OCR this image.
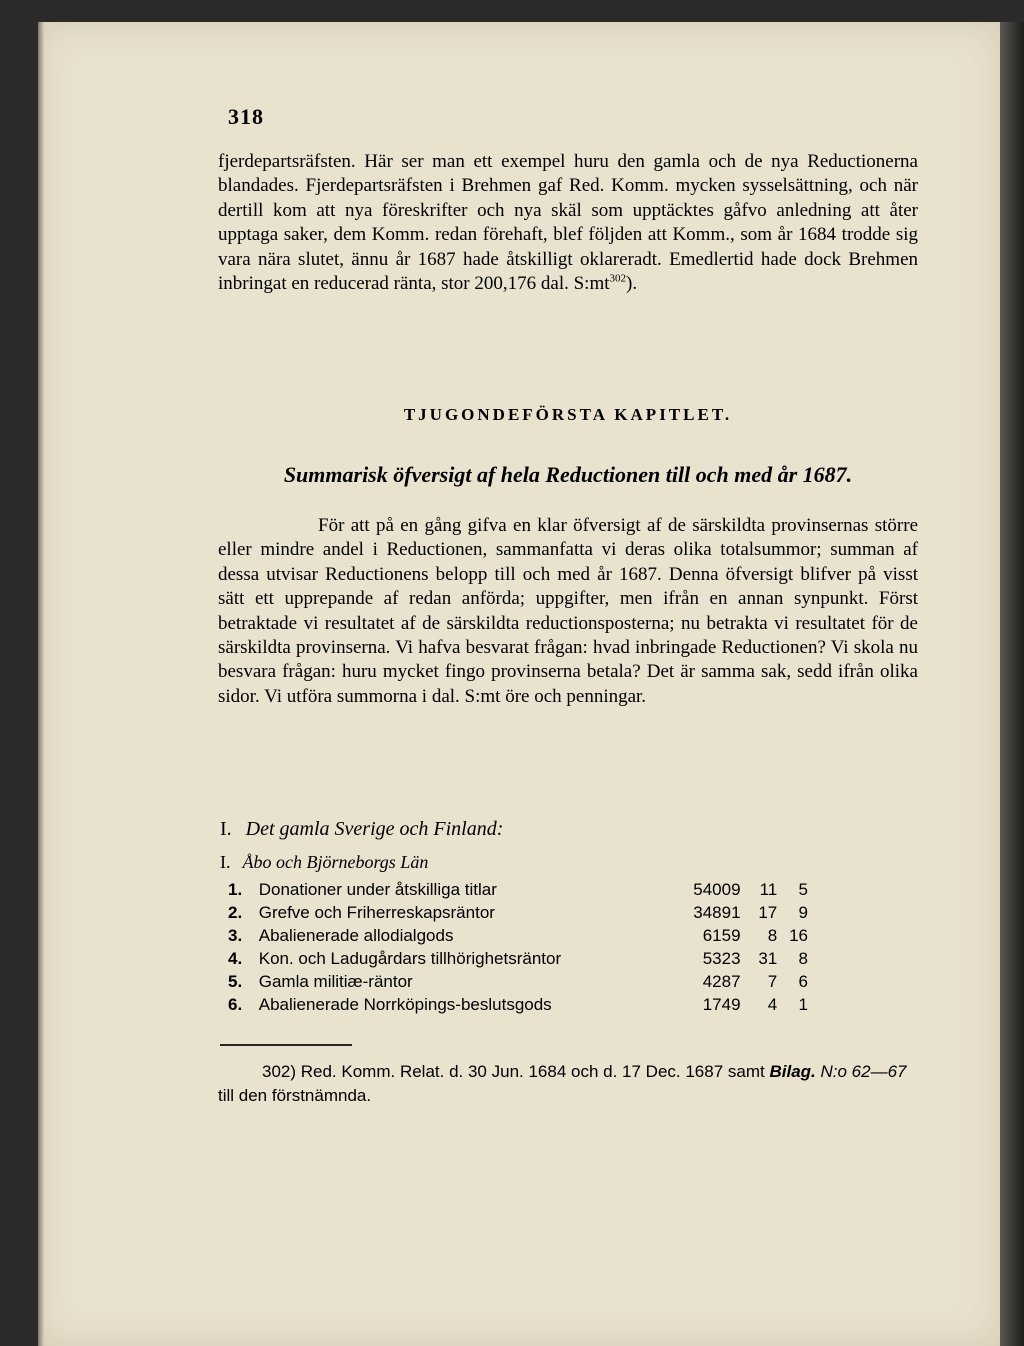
318

fjerdepartsräfsten. Här ser man ett exempel huru den gamla och de nya Reductionerna blandades. Fjerdepartsräfsten i Brehmen gaf Red. Komm. mycken sysselsättning, och när dertill kom att nya föreskrifter och nya skäl som upptäcktes gåfvo anledning att åter upptaga saker, dem Komm. redan förehaft, blef följden att Komm., som år 1684 trodde sig vara nära slutet, ännu år 1687 hade åtskilligt oklareradt. Emedlertid hade dock Brehmen inbringat en reducerad ränta, stor 200,176 dal. $S:mt^{302}$).

TJUGONDEFÖRSTA KAPITLET.
Summarisk öfversigt af hela Reductionen till och med år 1687.

För att på en gång gifva en klar öfversigt af de särskildta provinsernas större eller mindre andel i Reductionen, sammanfatta vi deras olika totalsummor; summan af dessa utvisar Reductionens belopp till och med år 1687. Denna öfversigt blifver på visst sätt ett upprepande af redan anförda; uppgifter, men ifrån en annan synpunkt. Först betraktade vi resultatet af de särskildta reductionsposterna; nu betrakta vi resultatet för de särskildta provinserna. Vi hafva besvarat frågan: hvad inbringade Reductionen? Vi skola nu besvara frågan: huru mycket fingo provinserna betala? Det är samma sak, sedd ifrån olika sidor. Vi utföra summorna i dal. S:mt öre och penningar.

I. Det gamla Sverige och Finland:
I. Åbo och Björneborgs Län
1.	Donationer under åtskilliga titlar	54009	11	5
2.	Grefve och Friherreskapsräntor	34891	17	9
3.	Abalienerade allodialgods	6159	8	16
4.	Kon. och Ladugårdars tillhörighetsräntor	5323	31	8
5.	Gamla militiæ-räntor	4287	7	6
6.	Abalienerade Norrköpings-beslutsgods	1749	4	1

302) Red. Komm. Relat. d. 30 Jun. 1684 och d. 17 Dec. 1687 samt Bilag. N:o 62—67 till den förstnämnda.
